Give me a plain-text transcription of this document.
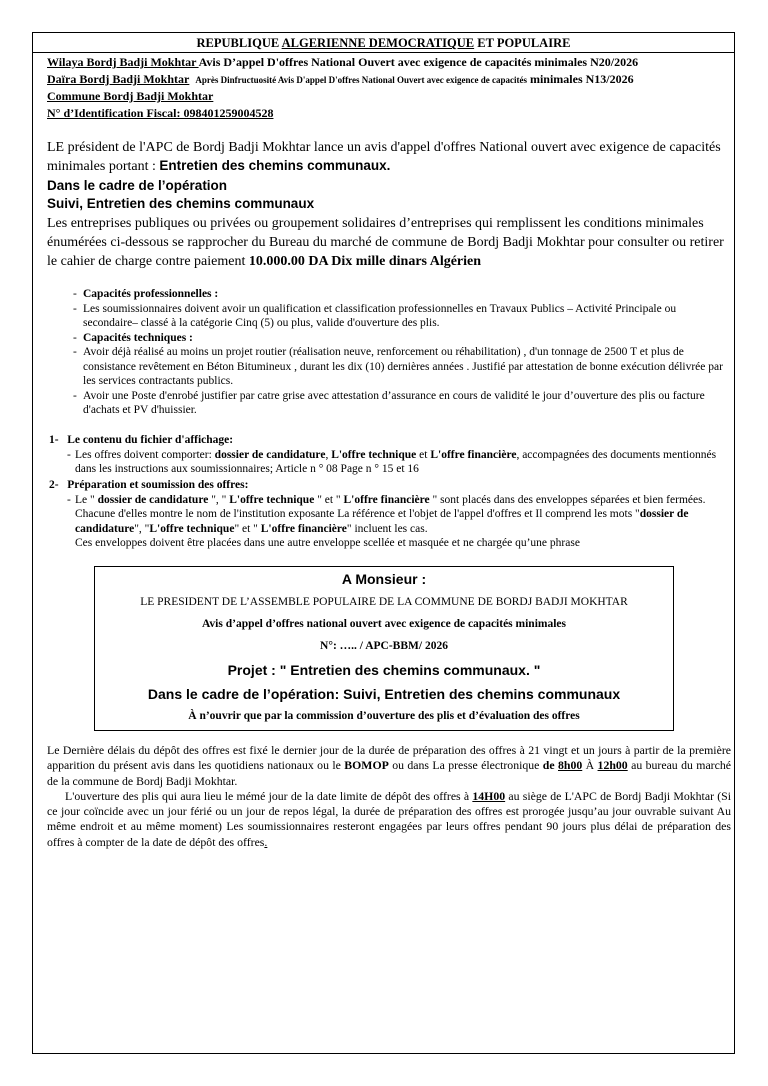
REPUBLIQUE ALGERIENNE DEMOCRATIQUE ET POPULAIRE
Wilaya Bordj Badji Mokhtar Avis D’appel D'offres National Ouvert avec exigence de capacités minimales N20/2026
Daïra Bordj Badji Mokhtar Après Dinfructuosité Avis D'appel D'offres National Ouvert avec exigence de capacités minimales N13/2026
Commune Bordj Badji Mokhtar
N° d’Identification Fiscal: 098401259004528
LE président de l'APC de Bordj Badji Mokhtar lance un avis d'appel d'offres National ouvert avec exigence de capacités minimales portant : Entretien des chemins communaux.
Dans le cadre de l’opération
Suivi, Entretien des chemins communaux
Les entreprises publiques ou privées ou groupement solidaires d’entreprises qui remplissent les conditions minimales énumérées ci-dessous se rapprocher du Bureau du marché de commune de Bordj Badji Mokhtar pour consulter ou retirer le cahier de charge contre paiement 10.000.00 DA Dix mille dinars Algérien
- Capacités professionnelles :
- Les soumissionnaires doivent avoir un qualification et classification professionnelles en Travaux Publics – Activité Principale ou secondaire– classé à la catégorie Cinq (5) ou plus, valide d'ouverture des plis.
- Capacités techniques :
- Avoir déjà réalisé au moins un projet routier (réalisation neuve, renforcement ou réhabilitation) , d'un tonnage de 2500 T et plus de consistance revêtement en Béton Bitumineux , durant les dix (10) dernières années . Justifié par attestation de bonne exécution délivrée par les services contractants publics.
- Avoir une Poste d'enrobé justifier par catre grise avec attestation d’assurance en cours de validité le jour d’ouverture des plis ou facture d'achats et PV d'huissier.
1- Le contenu du fichier d'affichage:
- Les offres doivent comporter: dossier de candidature, L'offre technique et L'offre financière, accompagnées des documents mentionnés dans les instructions aux soumissionnaires; Article n ° 08 Page n ° 15 et 16
2- Préparation et soumission des offres:
- Le " dossier de candidature ", " L'offre technique " et " L'offre financière " sont placés dans des enveloppes séparées et bien fermées. Chacune d'elles montre le nom de l'institution exposante La référence et l'objet de l'appel d'offres et Il comprend les mots "dossier de candidature", "L'offre technique" et " L'offre financière" incluent les cas.
Ces enveloppes doivent être placées dans une autre enveloppe scellée et masquée et ne chargée qu’une phrase
A Monsieur :
LE PRESIDENT DE L’ASSEMBLE POPULAIRE DE LA COMMUNE DE BORDJ BADJI MOKHTAR
Avis d’appel d’offres national ouvert avec exigence de capacités minimales
N°: ….. / APC-BBM/ 2026
Projet : " Entretien des chemins communaux. "
Dans le cadre de l’opération: Suivi, Entretien des chemins communaux
À n’ouvrir que par la commission d’ouverture des plis et d’évaluation des offres
Le Dernière délais du dépôt des offres est fixé le dernier jour de la durée de préparation des offres à 21 vingt et un jours à partir de la première apparition du présent avis dans les quotidiens nationaux ou le BOMOP ou dans La presse électronique de 8h00 À 12h00 au bureau du marché de la commune de Bordj Badji Mokhtar.
L'ouverture des plis qui aura lieu le mémé jour de la date limite de dépôt des offres à 14H00 au siège de L'APC de Bordj Badji Mokhtar (Si ce jour coïncide avec un jour férié ou un jour de repos légal, la durée de préparation des offres est prorogée jusqu’au jour ouvrable suivant Au même endroit et au même moment) Les soumissionnaires resteront engagées par leurs offres pendant 90 jours plus délai de préparation des offres à compter de la date de dépôt des offres.
